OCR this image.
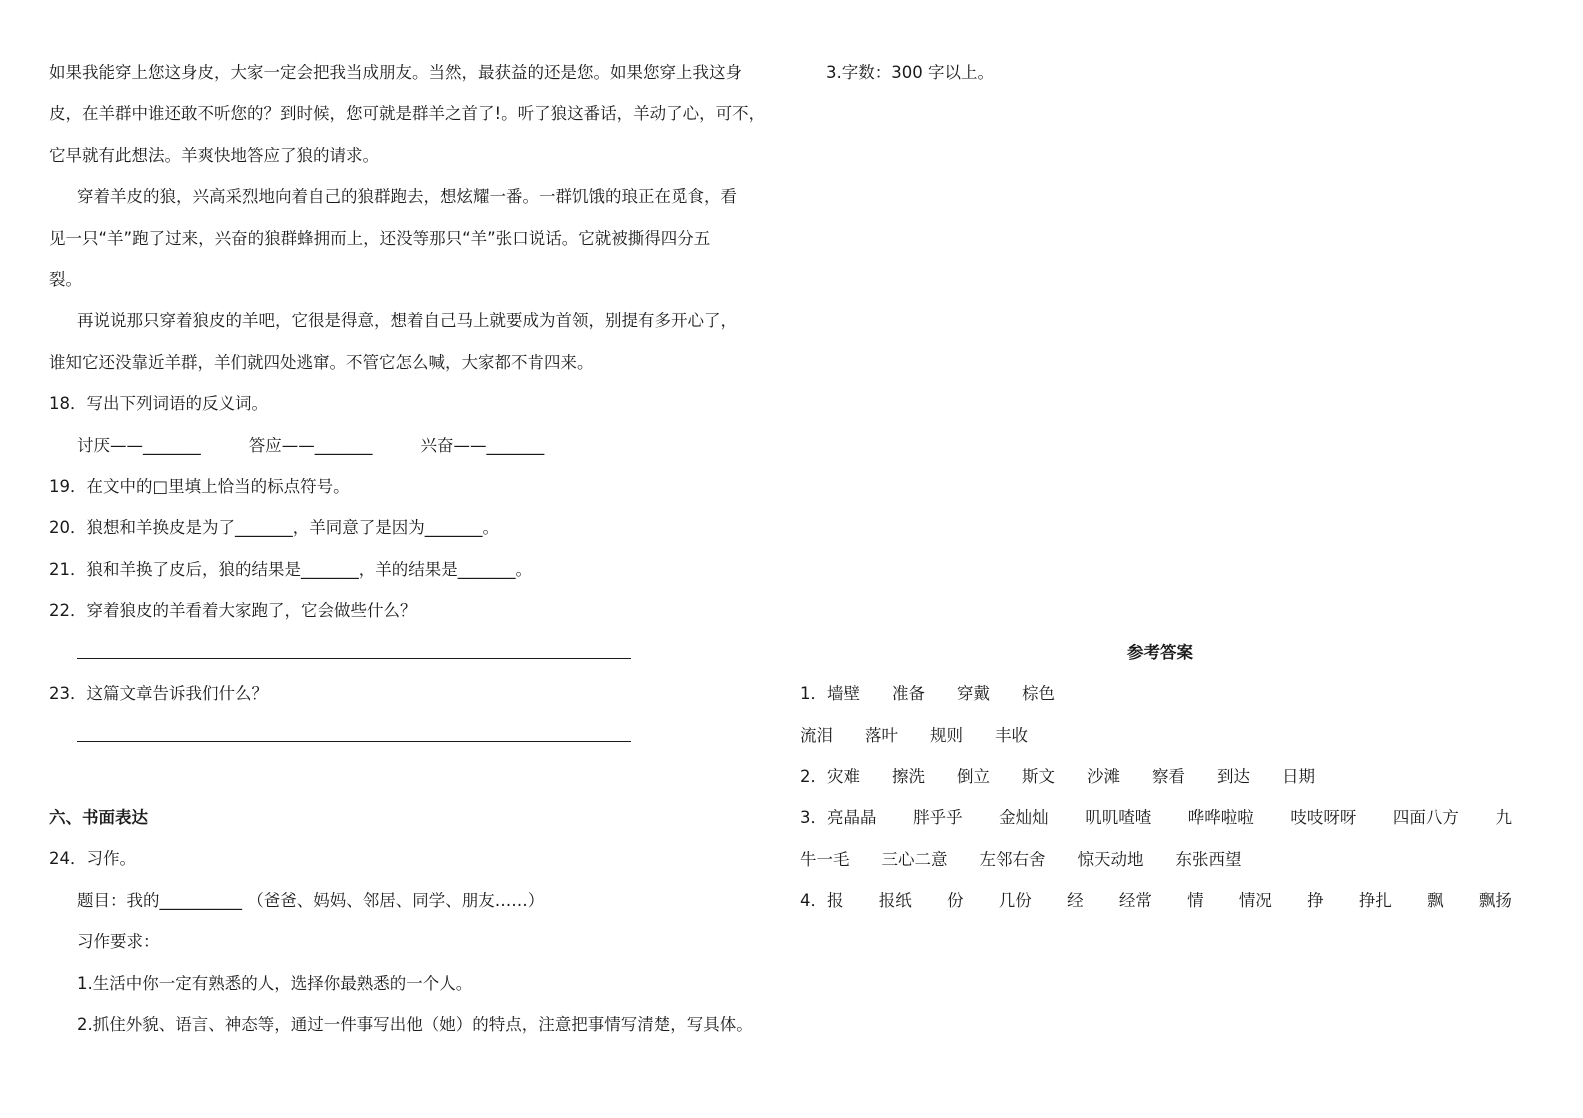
如果我能穿上您这身皮，大家一定会把我当成朋友。当然，最获益的还是您。如果您穿上我这身
皮，在羊群中谁还敢不听您的？到时候，您可就是群羊之首了!。听了狼这番话，羊动了心，可不，
它早就有此想法。羊爽快地答应了狼的请求。
穿着羊皮的狼，兴高采烈地向着自己的狼群跑去，想炫耀一番。一群饥饿的琅正在觅食，看
见一只“羊”跑了过来，兴奋的狼群蜂拥而上，还没等那只“羊”张口说话。它就被撕得四分五
裂。
再说说那只穿着狼皮的羊吧，它很是得意，想着自己马上就要成为首领，别提有多开心了，
谁知它还没靠近羊群，羊们就四处逃窜。不管它怎么喊，大家都不肯四来。
18．写出下列词语的反义词。
讨厌——_______	答应——_______	兴奋——_______
19．在文中的□里填上恰当的标点符号。
20．狼想和羊换皮是为了_______，羊同意了是因为_______。
21．狼和羊换了皮后，狼的结果是_______，羊的结果是_______。
22．穿着狼皮的羊看着大家跑了，它会做些什么？
23．这篇文章告诉我们什么？
六、书面表达
24．习作。
题目：我的__________ （爸爸、妈妈、邻居、同学、朋友……）
习作要求：
1.生活中你一定有熟悉的人，选择你最熟悉的一个人。
2.抓住外貌、语言、神态等，通过一件事写出他（她）的特点，注意把事情写清楚，写具体。
3.字数：300 字以上。
参考答案
1．墙壁 准备 穿戴 棕色
流泪 落叶 规则 丰收
2．灾难 擦洗 倒立 斯文 沙滩 察看 到达 日期
3．亮晶晶 胖乎乎 金灿灿 叽叽喳喳 哗哗啦啦 吱吱呀呀 四面八方 九
牛一毛 三心二意 左邻右舍 惊天动地 东张西望
4．报 报纸 份 几份 经 经常 情 情况 挣 挣扎 飘 飘扬
